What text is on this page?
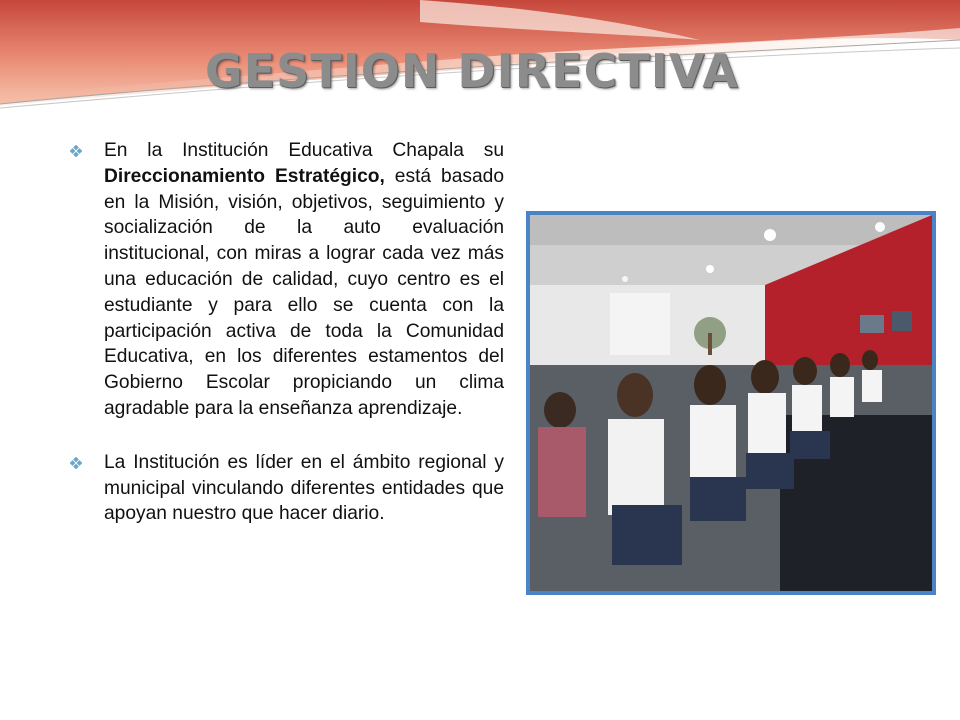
GESTION DIRECTIVA

En la Institución Educativa Chapala su Direccionamiento Estratégico, está basado en la Misión, visión, objetivos, seguimiento y socialización de la auto evaluación institucional, con miras a lograr cada vez más una educación de calidad, cuyo centro es el estudiante y para ello se cuenta con la participación activa de toda la Comunidad Educativa, en los diferentes estamentos del Gobierno Escolar propiciando un clima agradable para la enseñanza aprendizaje.

La Institución es líder en el ámbito regional y municipal vinculando diferentes entidades que apoyan nuestro que hacer diario.
